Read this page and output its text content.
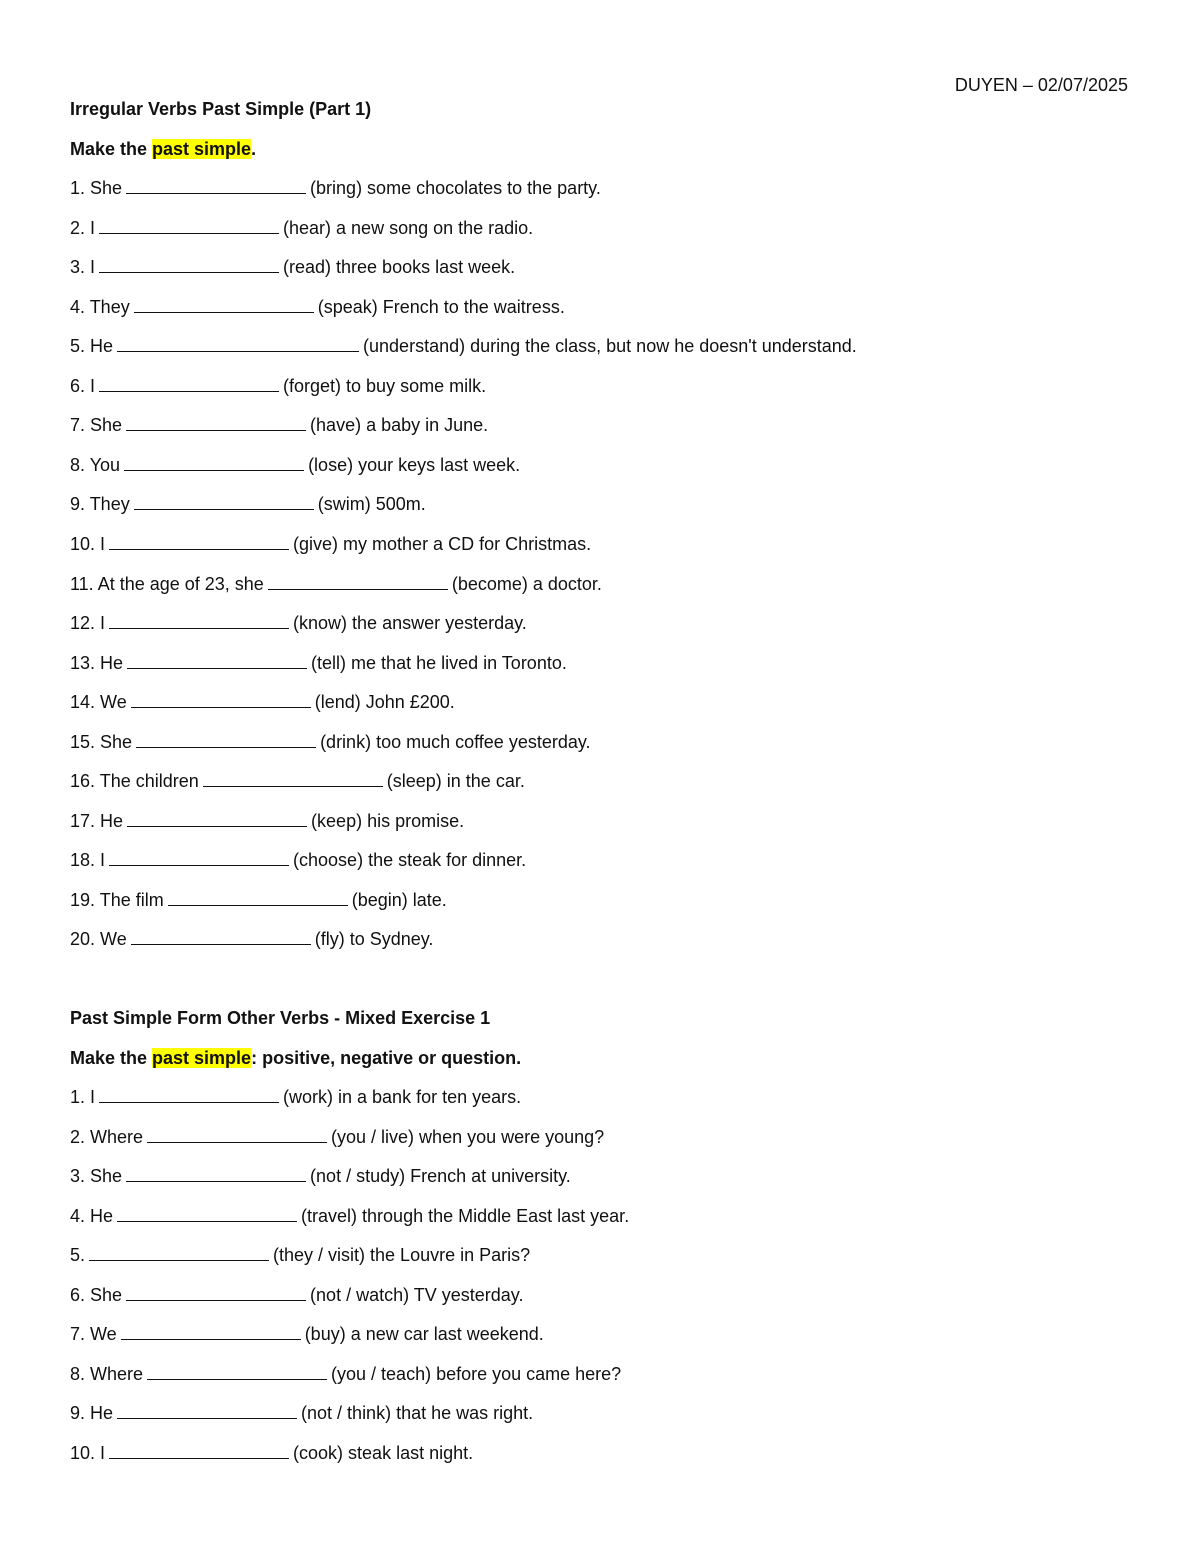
DUYEN – 02/07/2025
Irregular Verbs Past Simple (Part 1)
Make the past simple.
1. She	(bring) some chocolates to the party.
2. I	(hear) a new song on the radio.
3. I	(read) three books last week.
4. They	(speak) French to the waitress.
5. He	(understand) during the class, but now he doesn't understand.
6. I	(forget) to buy some milk.
7. She	(have) a baby in June.
8. You	(lose) your keys last week.
9. They	(swim) 500m.
10. I	(give) my mother a CD for Christmas.
11. At the age of 23, she	(become) a doctor.
12. I	(know) the answer yesterday.
13. He	(tell) me that he lived in Toronto.
14. We	(lend) John £200.
15. She	(drink) too much coffee yesterday.
16. The children	(sleep) in the car.
17. He	(keep) his promise.
18. I	(choose) the steak for dinner.
19. The film	(begin) late.
20. We	(fly) to Sydney.
Past Simple Form Other Verbs - Mixed Exercise 1
Make the past simple: positive, negative or question.
1. I	(work) in a bank for ten years.
2. Where	(you / live) when you were young?
3. She	(not / study) French at university.
4. He	(travel) through the Middle East last year.
5.	(they / visit) the Louvre in Paris?
6. She	(not / watch) TV yesterday.
7. We	(buy) a new car last weekend.
8. Where	(you / teach) before you came here?
9. He	(not / think) that he was right.
10. I	(cook) steak last night.
